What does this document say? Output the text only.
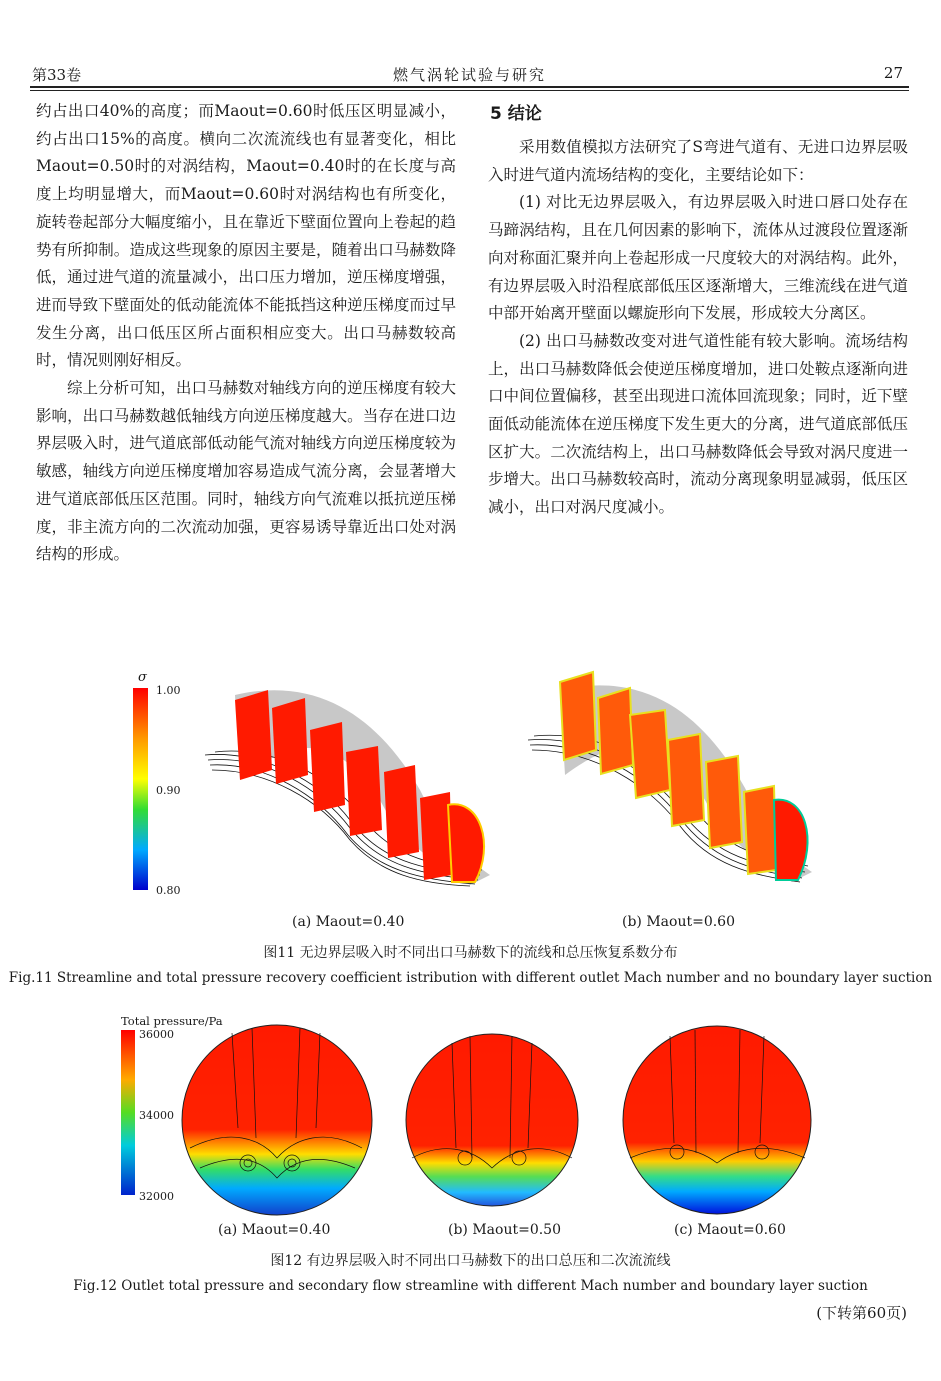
第33卷	燃气涡轮试验与研究	27

约占出口40%的高度；而Maout=0.60时低压区明显减小，约占出口15%的高度。横向二次流流线也有显著变化，相比Maout=0.50时的对涡结构，Maout=0.40时的在长度与高度上均明显增大，而Maout=0.60时对涡结构也有所变化，旋转卷起部分大幅度缩小，且在靠近下壁面位置向上卷起的趋势有所抑制。造成这些现象的原因主要是，随着出口马赫数降低，通过进气道的流量减小，出口压力增加，逆压梯度增强，进而导致下壁面处的低动能流体不能抵挡这种逆压梯度而过早发生分离，出口低压区所占面积相应变大。出口马赫数较高时，情况则刚好相反。

综上分析可知，出口马赫数对轴线方向的逆压梯度有较大影响，出口马赫数越低轴线方向逆压梯度越大。当存在进口边界层吸入时，进气道底部低动能气流对轴线方向逆压梯度较为敏感，轴线方向逆压梯度增加容易造成气流分离，会显著增大进气道底部低压区范围。同时，轴线方向气流难以抵抗逆压梯度，非主流方向的二次流动加强，更容易诱导靠近出口处对涡结构的形成。

5 结论

采用数值模拟方法研究了S弯进气道有、无进口边界层吸入时进气道内流场结构的变化，主要结论如下：

(1) 对比无边界层吸入，有边界层吸入时进口唇口处存在马蹄涡结构，且在几何因素的影响下，流体从过渡段位置逐渐向对称面汇聚并向上卷起形成一尺度较大的对涡结构。此外，有边界层吸入时沿程底部低压区逐渐增大，三维流线在进气道中部开始离开壁面以螺旋形向下发展，形成较大分离区。

(2) 出口马赫数改变对进气道性能有较大影响。流场结构上，出口马赫数降低会使逆压梯度增加，进口处鞍点逐渐向进口中间位置偏移，甚至出现进口流体回流现象；同时，近下壁面低动能流体在逆压梯度下发生更大的分离，进气道底部低压区扩大。二次流结构上，出口马赫数降低会导致对涡尺度进一步增大。出口马赫数较高时，流动分离现象明显减弱，低压区减小，出口对涡尺度减小。

σ
1.00
0.90
0.80
(a) Maout=0.40	(b) Maout=0.60
图11 无边界层吸入时不同出口马赫数下的流线和总压恢复系数分布
Fig.11 Streamline and total pressure recovery coefficient istribution with different outlet Mach number and no boundary layer suction
Total pressure/Pa
36000
34000
32000
(a) Maout=0.40	(b) Maout=0.50	(c) Maout=0.60
图12 有边界层吸入时不同出口马赫数下的出口总压和二次流流线
Fig.12 Outlet total pressure and secondary flow streamline with different Mach number and boundary layer suction
(下转第60页)
